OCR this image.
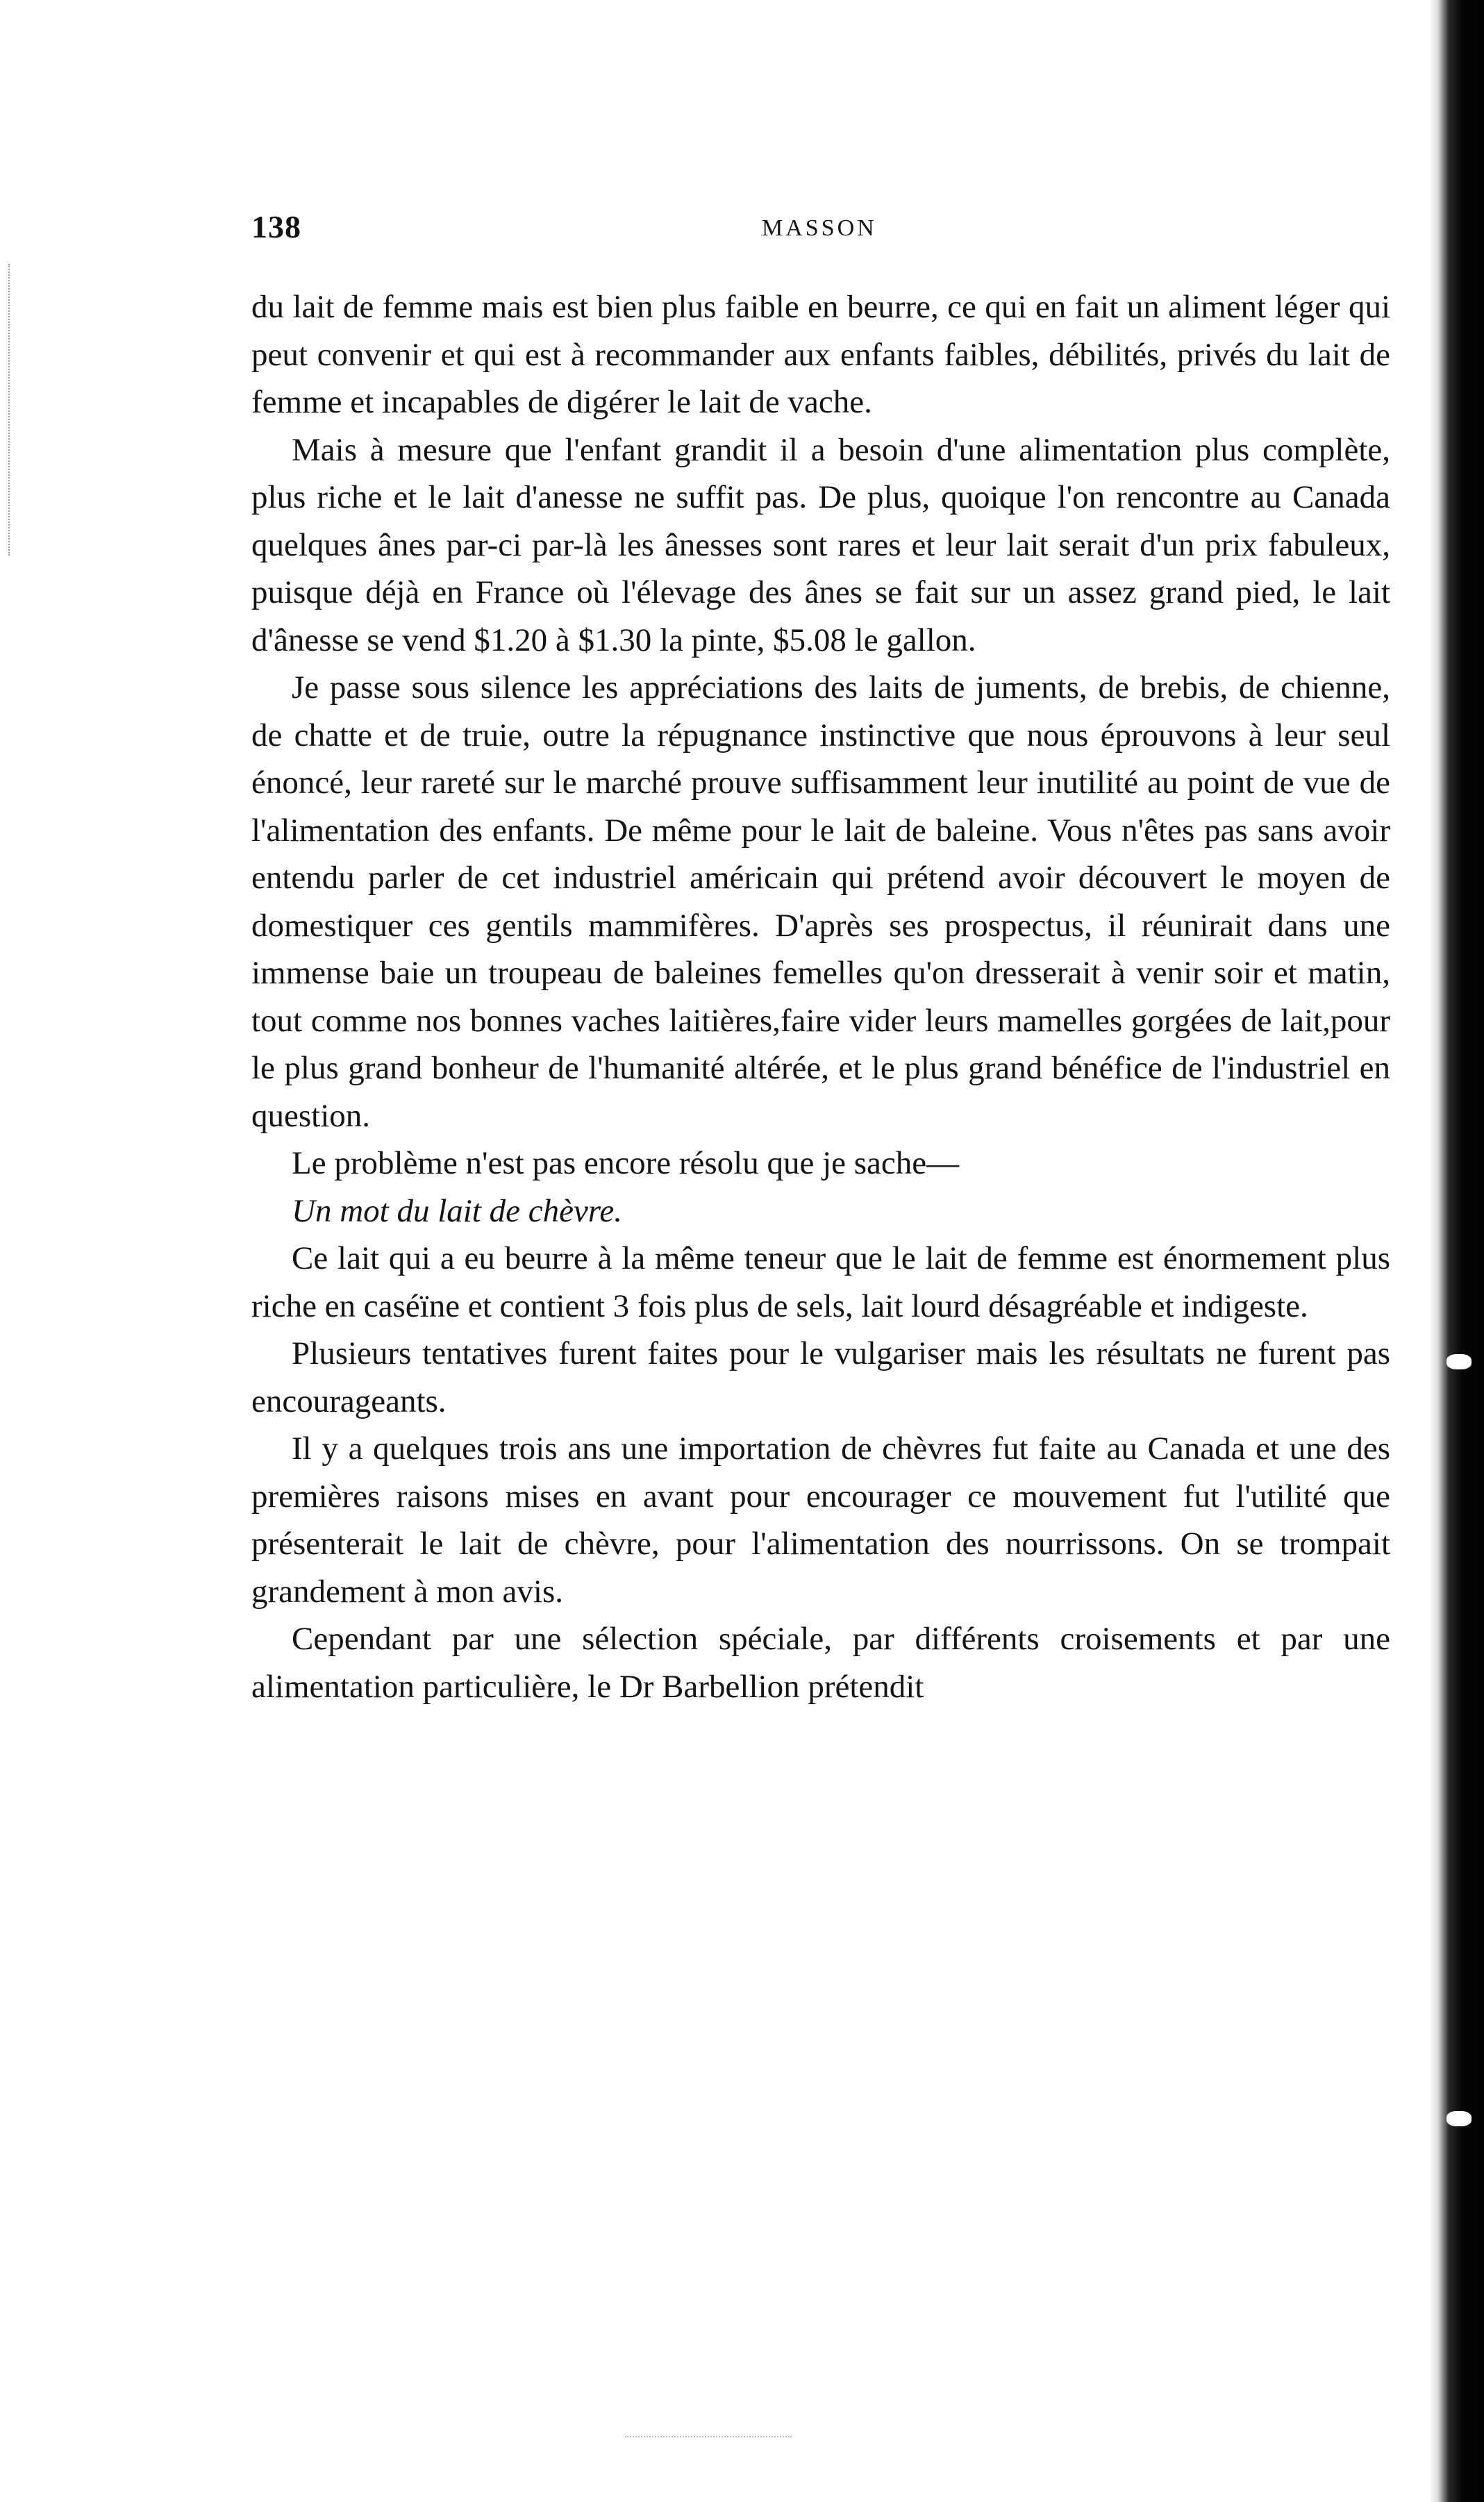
138	MASSON

du lait de femme mais est bien plus faible en beurre, ce qui en fait un aliment léger qui peut convenir et qui est à recommander aux enfants faibles, débilités, privés du lait de femme et incapables de digérer le lait de vache.

Mais à mesure que l'enfant grandit il a besoin d'une alimentation plus complète, plus riche et le lait d'anesse ne suffit pas. De plus, quoique l'on rencontre au Canada quelques ânes par-ci par-là les ânesses sont rares et leur lait serait d'un prix fabuleux, puisque déjà en France où l'élevage des ânes se fait sur un assez grand pied, le lait d'ânesse se vend $1.20 à $1.30 la pinte, $5.08 le gallon.

Je passe sous silence les appréciations des laits de juments, de brebis, de chienne, de chatte et de truie, outre la répugnance instinctive que nous éprouvons à leur seul énoncé, leur rareté sur le marché prouve suffisamment leur inutilité au point de vue de l'alimentation des enfants. De même pour le lait de baleine. Vous n'êtes pas sans avoir entendu parler de cet industriel américain qui prétend avoir découvert le moyen de domestiquer ces gentils mammifères. D'après ses prospectus, il réunirait dans une immense baie un troupeau de baleines femelles qu'on dresserait à venir soir et matin, tout comme nos bonnes vaches laitières,faire vider leurs mamelles gorgées de lait,pour le plus grand bonheur de l'humanité altérée, et le plus grand bénéfice de l'industriel en question.

Le problème n'est pas encore résolu que je sache—

Un mot du lait de chèvre.

Ce lait qui a eu beurre à la même teneur que le lait de femme est énormement plus riche en caséïne et contient 3 fois plus de sels, lait lourd désagréable et indigeste.

Plusieurs tentatives furent faites pour le vulgariser mais les résultats ne furent pas encourageants.

Il y a quelques trois ans une importation de chèvres fut faite au Canada et une des premières raisons mises en avant pour encourager ce mouvement fut l'utilité que présenterait le lait de chèvre, pour l'alimentation des nourrissons. On se trompait grandement à mon avis.

Cependant par une sélection spéciale, par différents croisements et par une alimentation particulière, le Dr Barbellion prétendit
